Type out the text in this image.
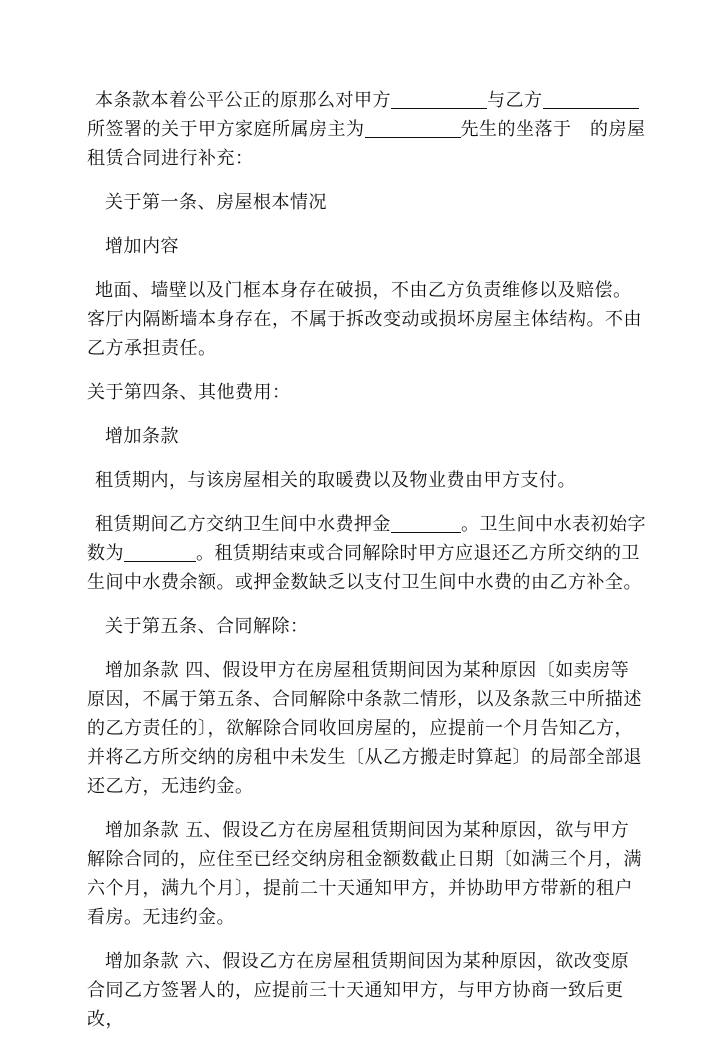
本条款本着公平公正的原那么对甲方	与乙方所签署的关于甲方家庭所属房主为	先生的坐落于　的房屋租赁合同进行补充：

关于第一条、房屋根本情况

增加内容

地面、墙壁以及门框本身存在破损，不由乙方负责维修以及赔偿。客厅内隔断墙本身存在，不属于拆改变动或损坏房屋主体结构。不由乙方承担责任。

关于第四条、其他费用：

增加条款

租赁期内，与该房屋相关的取暖费以及物业费由甲方支付。

租赁期间乙方交纳卫生间中水费押金	。卫生间中水表初始字数为	。租赁期结束或合同解除时甲方应退还乙方所交纳的卫生间中水费余额。或押金数缺乏以支付卫生间中水费的由乙方补全。

关于第五条、合同解除：

增加条款 四、假设甲方在房屋租赁期间因为某种原因〔如卖房等原因，不属于第五条、合同解除中条款二情形，以及条款三中所描述的乙方责任的〕，欲解除合同收回房屋的，应提前一个月告知乙方，并将乙方所交纳的房租中未发生〔从乙方搬走时算起〕的局部全部退还乙方，无违约金。

增加条款 五、假设乙方在房屋租赁期间因为某种原因，欲与甲方解除合同的，应住至已经交纳房租金额数截止日期〔如满三个月，满六个月，满九个月〕，提前二十天通知甲方，并协助甲方带新的租户看房。无违约金。

增加条款 六、假设乙方在房屋租赁期间因为某种原因，欲改变原合同乙方签署人的，应提前三十天通知甲方，与甲方协商一致后更改，
